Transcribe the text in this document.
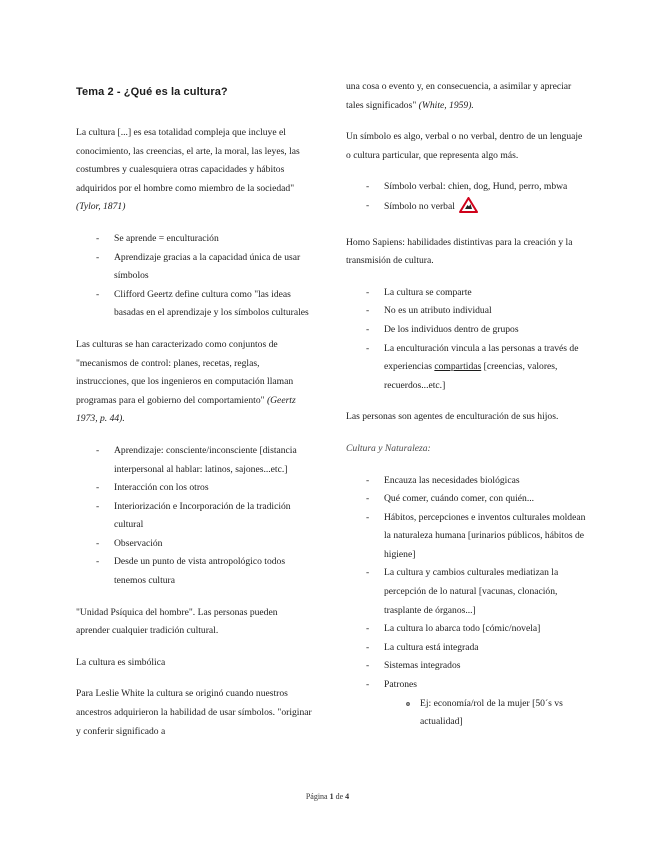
Tema 2 - ¿Qué es la cultura?

La cultura [...] es esa totalidad compleja que incluye el conocimiento, las creencias, el arte, la moral, las leyes, las costumbres y cualesquiera otras capacidades y hábitos adquiridos por el hombre como miembro de la sociedad" (Tylor, 1871)

- Se aprende = enculturación
- Aprendizaje gracias a la capacidad única de usar símbolos
- Clifford Geertz define cultura como "las ideas basadas en el aprendizaje y los símbolos culturales

Las culturas se han caracterizado como conjuntos de "mecanismos de control: planes, recetas, reglas, instrucciones, que los ingenieros en computación llaman programas para el gobierno del comportamiento" (Geertz 1973, p. 44).

- Aprendizaje: consciente/inconsciente [distancia interpersonal al hablar: latinos, sajones...etc.]
- Interacción con los otros
- Interiorización e Incorporación de la tradición cultural
- Observación
- Desde un punto de vista antropológico todos tenemos cultura

"Unidad Psíquica del hombre". Las personas pueden aprender cualquier tradición cultural.

La cultura es simbólica

Para Leslie White la cultura se originó cuando nuestros ancestros adquirieron la habilidad de usar símbolos. "originar y conferir significado a

una cosa o evento y, en consecuencia, a asimilar y apreciar tales significados" (White, 1959).

Un símbolo es algo, verbal o no verbal, dentro de un lenguaje o cultura particular, que representa algo más.

- Símbolo verbal: chien, dog, Hund, perro, mbwa
- Símbolo no verbal

Homo Sapiens: habilidades distintivas para la creación y la transmisión de cultura.

- La cultura se comparte
- No es un atributo individual
- De los individuos dentro de grupos
- La enculturación vincula a las personas a través de experiencias compartidas [creencias, valores, recuerdos...etc.]

Las personas son agentes de enculturación de sus hijos.

Cultura y Naturaleza:
- Encauza las necesidades biológicas
- Qué comer, cuándo comer, con quién...
- Hábitos, percepciones e inventos culturales moldean la naturaleza humana [urinarios públicos, hábitos de higiene]
- La cultura y cambios culturales mediatizan la percepción de lo natural [vacunas, clonación, trasplante de órganos...]
- La cultura lo abarca todo [cómic/novela]
- La cultura está integrada
- Sistemas integrados
- Patrones
o Ej: economía/rol de la mujer [50´s vs actualidad]
Página 1 de 4
